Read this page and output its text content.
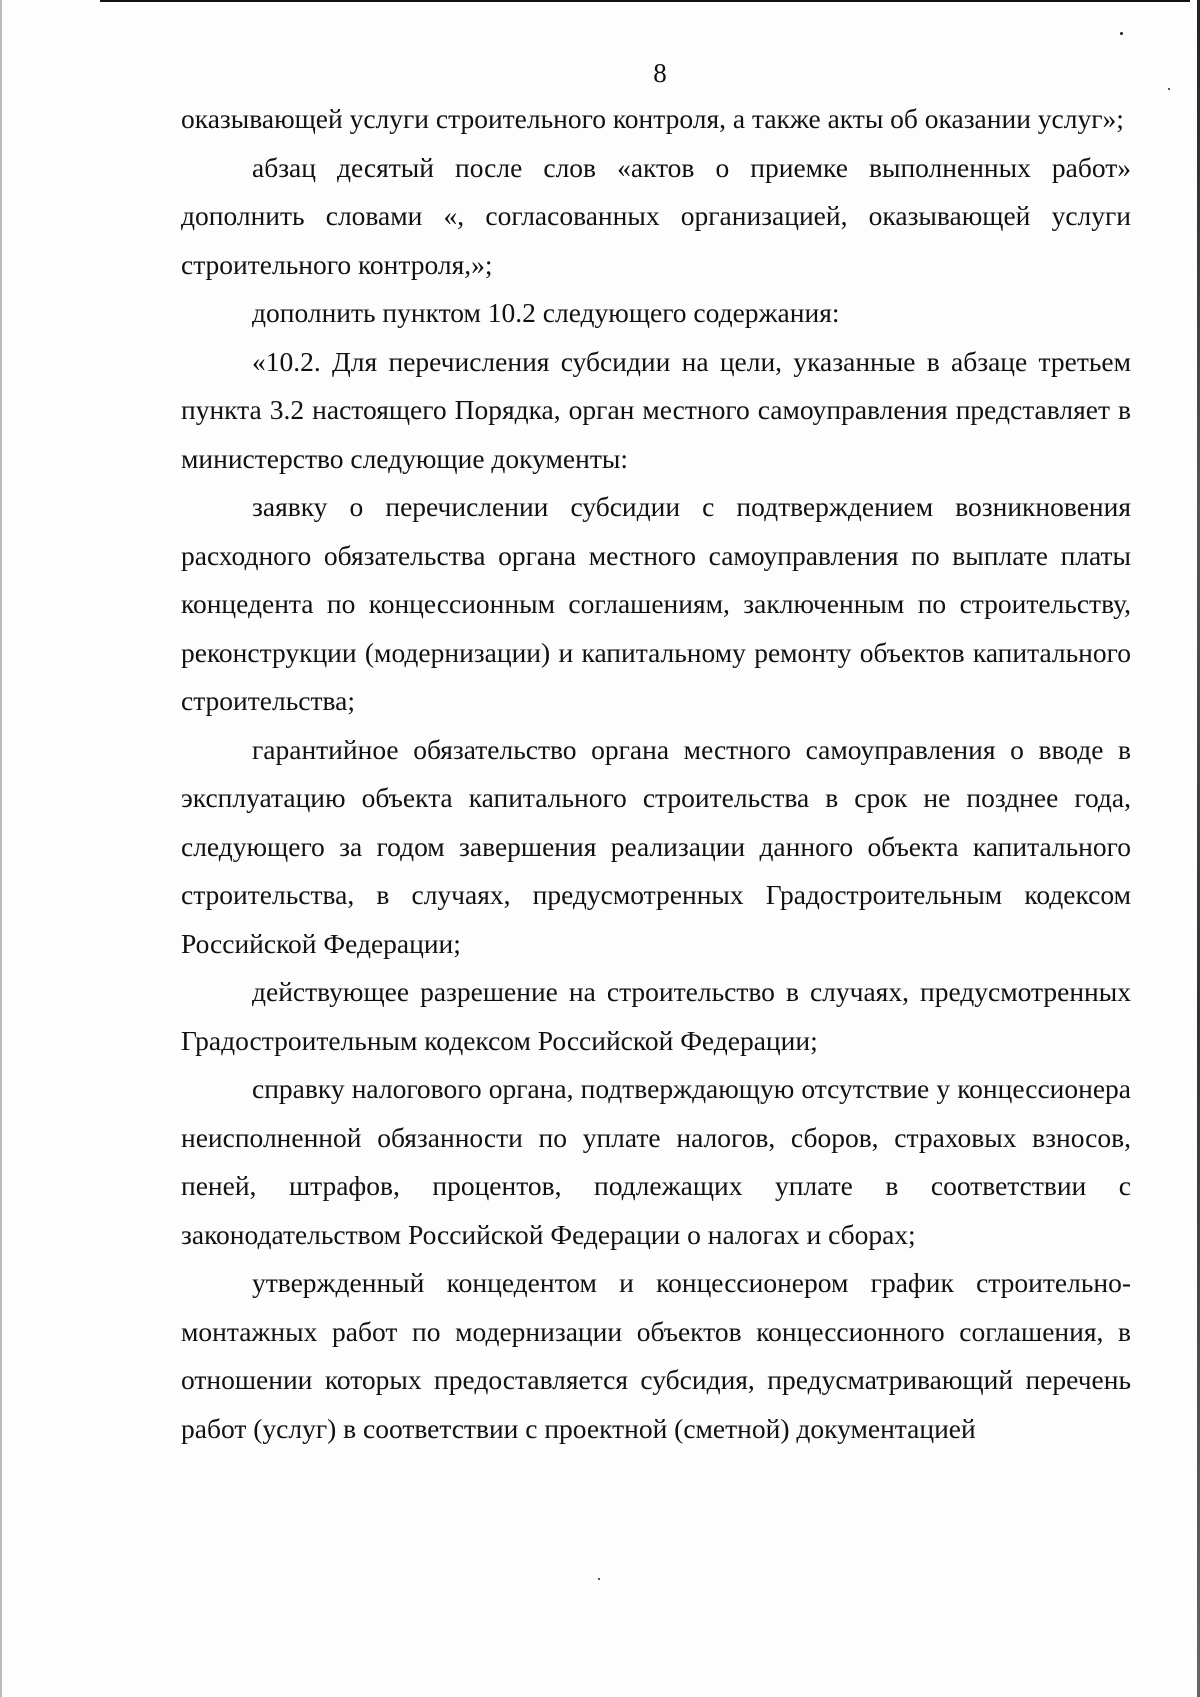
8

оказывающей услуги строительного контроля, а также акты об оказании услуг»;

абзац десятый после слов «актов о приемке выполненных работ» дополнить словами «, согласованных организацией, оказывающей услуги строительного контроля,»;

дополнить пунктом 10.2 следующего содержания:

«10.2. Для перечисления субсидии на цели, указанные в абзаце третьем пункта 3.2 настоящего Порядка, орган местного самоуправления представляет в министерство следующие документы:

заявку о перечислении субсидии с подтверждением возникновения расходного обязательства органа местного самоуправления по выплате платы концедента по концессионным соглашениям, заключенным по строительству, реконструкции (модернизации) и капитальному ремонту объектов капитального строительства;

гарантийное обязательство органа местного самоуправления о вводе в эксплуатацию объекта капитального строительства в срок не позднее года, следующего за годом завершения реализации данного объекта капитального строительства, в случаях, предусмотренных Градостроительным кодексом Российской Федерации;

действующее разрешение на строительство в случаях, предусмотренных Градостроительным кодексом Российской Федерации;

справку налогового органа, подтверждающую отсутствие у концессионера неисполненной обязанности по уплате налогов, сборов, страховых взносов, пеней, штрафов, процентов, подлежащих уплате в соответствии с законодательством Российской Федерации о налогах и сборах;

утвержденный концедентом и концессионером график строительно-монтажных работ по модернизации объектов концессионного соглашения, в отношении которых предоставляется субсидия, предусматривающий перечень работ (услуг) в соответствии с проектной (сметной) документацией
